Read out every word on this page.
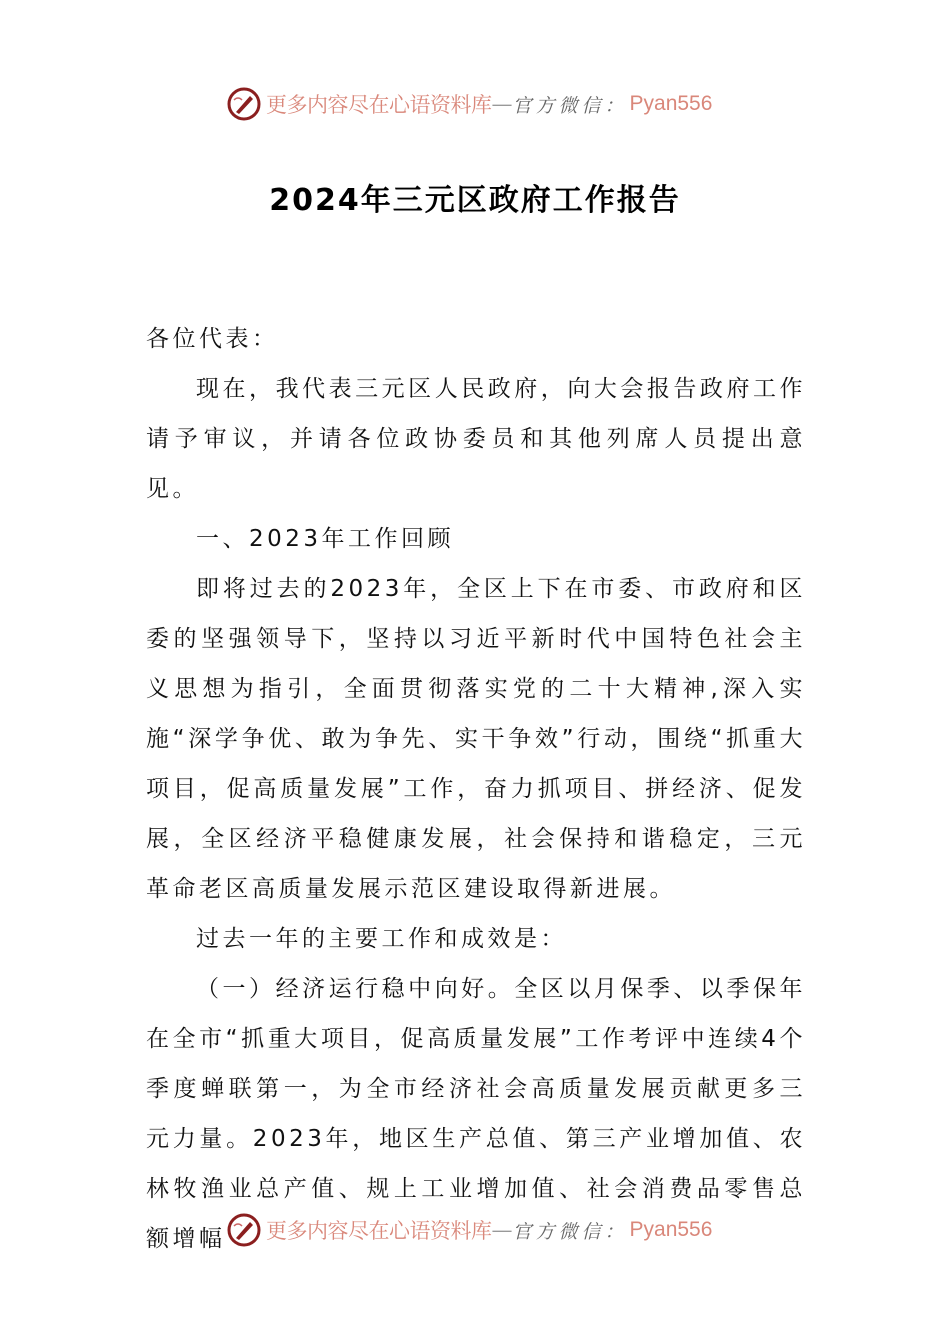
更多内容尽在心语资料库 — 官方微信： Pyan556
2024年三元区政府工作报告

各位代表：

现在，我代表三元区人民政府，向大会报告政府工作请予审议，并请各位政协委员和其他列席人员提出意见。

一、2023年工作回顾

即将过去的2023年，全区上下在市委、市政府和区委的坚强领导下，坚持以习近平新时代中国特色社会主义思想为指引，全面贯彻落实党的二十大精神,深入实施“深学争优、敢为争先、实干争效”行动，围绕“抓重大项目，促高质量发展”工作，奋力抓项目、拼经济、促发展，全区经济平稳健康发展，社会保持和谐稳定，三元革命老区高质量发展示范区建设取得新进展。

过去一年的主要工作和成效是：

（一）经济运行稳中向好。全区以月保季、以季保年在全市“抓重大项目，促高质量发展”工作考评中连续4个季度蝉联第一，为全市经济社会高质量发展贡献更多三元力量。2023年，地区生产总值、第三产业增加值、农林牧渔业总产值、规上工业增加值、社会消费品零售总额增幅	更多内容尽在心语资料库 — 官方微信： Pyan556
